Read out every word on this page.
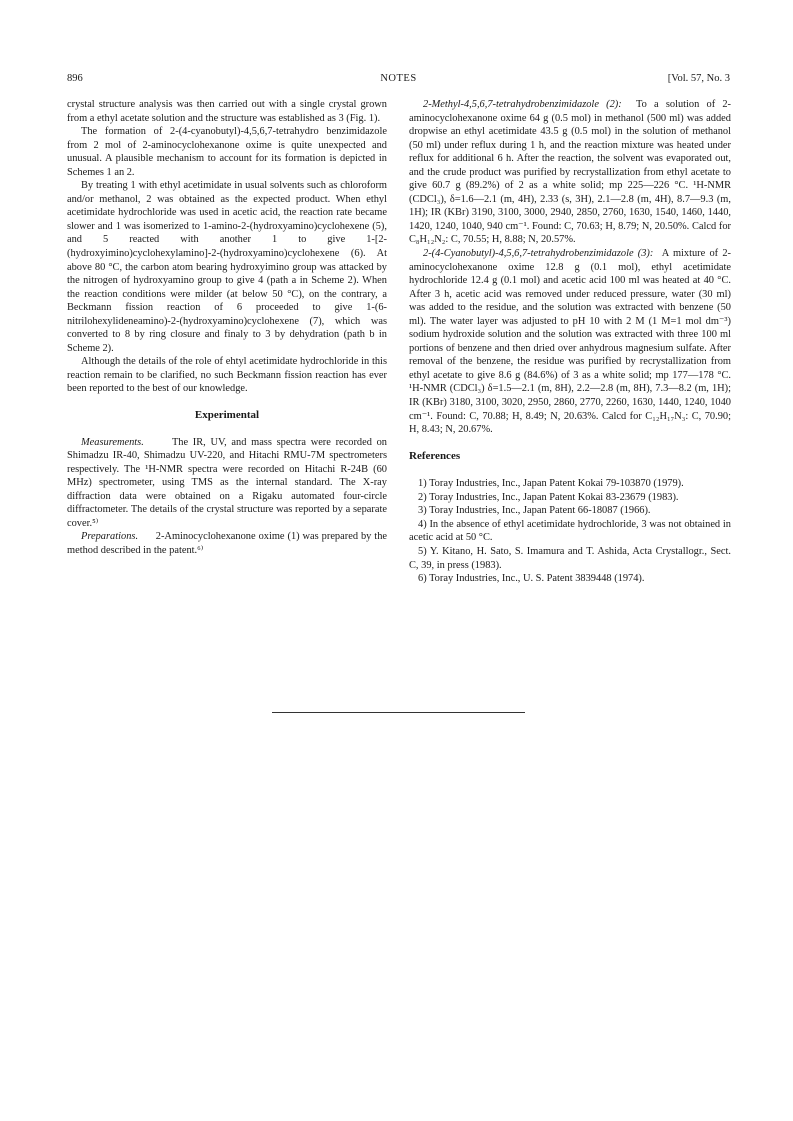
896	NOTES	[Vol. 57, No. 3

crystal structure analysis was then carried out with a single crystal grown from a ethyl acetate solution and the structure was established as 3 (Fig. 1).

The formation of 2-(4-cyanobutyl)-4,5,6,7-tetrahydro benzimidazole from 2 mol of 2-aminocyclohexanone oxime is quite unexpected and unusual. A plausible mechanism to account for its formation is depicted in Schemes 1 an 2.

By treating 1 with ethyl acetimidate in usual solvents such as chloroform and/or methanol, 2 was obtained as the expected product. When ethyl acetimidate hydrochloride was used in acetic acid, the reaction rate became slower and 1 was isomerized to 1-amino-2-(hydroxyamino)cyclohexene (5), and 5 reacted with another 1 to give 1-[2-(hydroxyimino)cyclohexylamino]-2-(hydroxyamino)cyclohexene (6). At above 80 °C, the carbon atom bearing hydroxyimino group was attacked by the nitrogen of hydroxyamino group to give 4 (path a in Scheme 2). When the reaction conditions were milder (at below 50 °C), on the contrary, a Beckmann fission reaction of 6 proceeded to give 1-(6-nitrilohexylideneamino)-2-(hydroxyamino)cyclohexene (7), which was converted to 8 by ring closure and finaly to 3 by dehydration (path b in Scheme 2).

Although the details of the role of ehtyl acetimidate hydrochloride in this reaction remain to be clarified, no such Beckmann fission reaction has ever been reported to the best of our knowledge.

Experimental

Measurements.	The IR, UV, and mass spectra were recorded on Shimadzu IR-40, Shimadzu UV-220, and Hitachi RMU-7M spectrometers respectively. The ¹H-NMR spectra were recorded on Hitachi R-24B (60 MHz) spectrometer, using TMS as the internal standard. The X-ray diffraction data were obtained on a Rigaku automated four-circle diffractometer. The details of the crystal structure was reported by a separate cover.⁵⁾

Preparations. 2-Aminocyclohexanone oxime (1) was prepared by the method described in the patent.⁶⁾

2-Methyl-4,5,6,7-tetrahydrobenzimidazole (2): To a solution of 2-aminocyclohexanone oxime 64 g (0.5 mol) in methanol (500 ml) was added dropwise an ethyl acetimidate 43.5 g (0.5 mol) in the solution of methanol (50 ml) under reflux during 1 h, and the reaction mixture was heated under reflux for additional 6 h. After the reaction, the solvent was evaporated out, and the crude product was purified by recrystallization from ethyl acetate to give 60.7 g (89.2%) of 2 as a white solid; mp 225—226 °C. ¹H-NMR (CDCl₃), δ=1.6—2.1 (m, 4H), 2.33 (s, 3H), 2.1—2.8 (m, 4H), 8.7—9.3 (m, 1H); IR (KBr) 3190, 3100, 3000, 2940, 2850, 2760, 1630, 1540, 1460, 1440, 1420, 1240, 1040, 940 cm⁻¹. Found: C, 70.63; H, 8.79; N, 20.50%. Calcd for C₈H₁₂N₂: C, 70.55; H, 8.88; N, 20.57%.

2-(4-Cyanobutyl)-4,5,6,7-tetrahydrobenzimidazole (3): A mixture of 2-aminocyclohexanone oxime 12.8 g (0.1 mol), ethyl acetimidate hydrochloride 12.4 g (0.1 mol) and acetic acid 100 ml was heated at 40 °C. After 3 h, acetic acid was removed under reduced pressure, water (30 ml) was added to the residue, and the solution was extracted with benzene (50 ml). The water layer was adjusted to pH 10 with 2 M (1 M=1 mol dm⁻³) sodium hydroxide solution and the solution was extracted with three 100 ml portions of benzene and then dried over anhydrous magnesium sulfate. After removal of the benzene, the residue was purified by recrystallization from ethyl acetate to give 8.6 g (84.6%) of 3 as a white solid; mp 177—178 °C. ¹H-NMR (CDCl₃) δ=1.5—2.1 (m, 8H), 2.2—2.8 (m, 8H), 7.3—8.2 (m, 1H); IR (KBr) 3180, 3100, 3020, 2950, 2860, 2770, 2260, 1630, 1440, 1240, 1040 cm⁻¹. Found: C, 70.88; H, 8.49; N, 20.63%. Calcd for C₁₂H₁₇N₃: C, 70.90; H, 8.43; N, 20.67%.

References

1) Toray Industries, Inc., Japan Patent Kokai 79-103870 (1979).

2) Toray Industries, Inc., Japan Patent Kokai 83-23679 (1983).

3) Toray Industries, Inc., Japan Patent 66-18087 (1966).

4) In the absence of ethyl acetimidate hydrochloride, 3 was not obtained in acetic acid at 50 °C.

5) Y. Kitano, H. Sato, S. Imamura and T. Ashida, Acta Crystallogr., Sect. C, 39, in press (1983).

6) Toray Industries, Inc., U. S. Patent 3839448 (1974).
